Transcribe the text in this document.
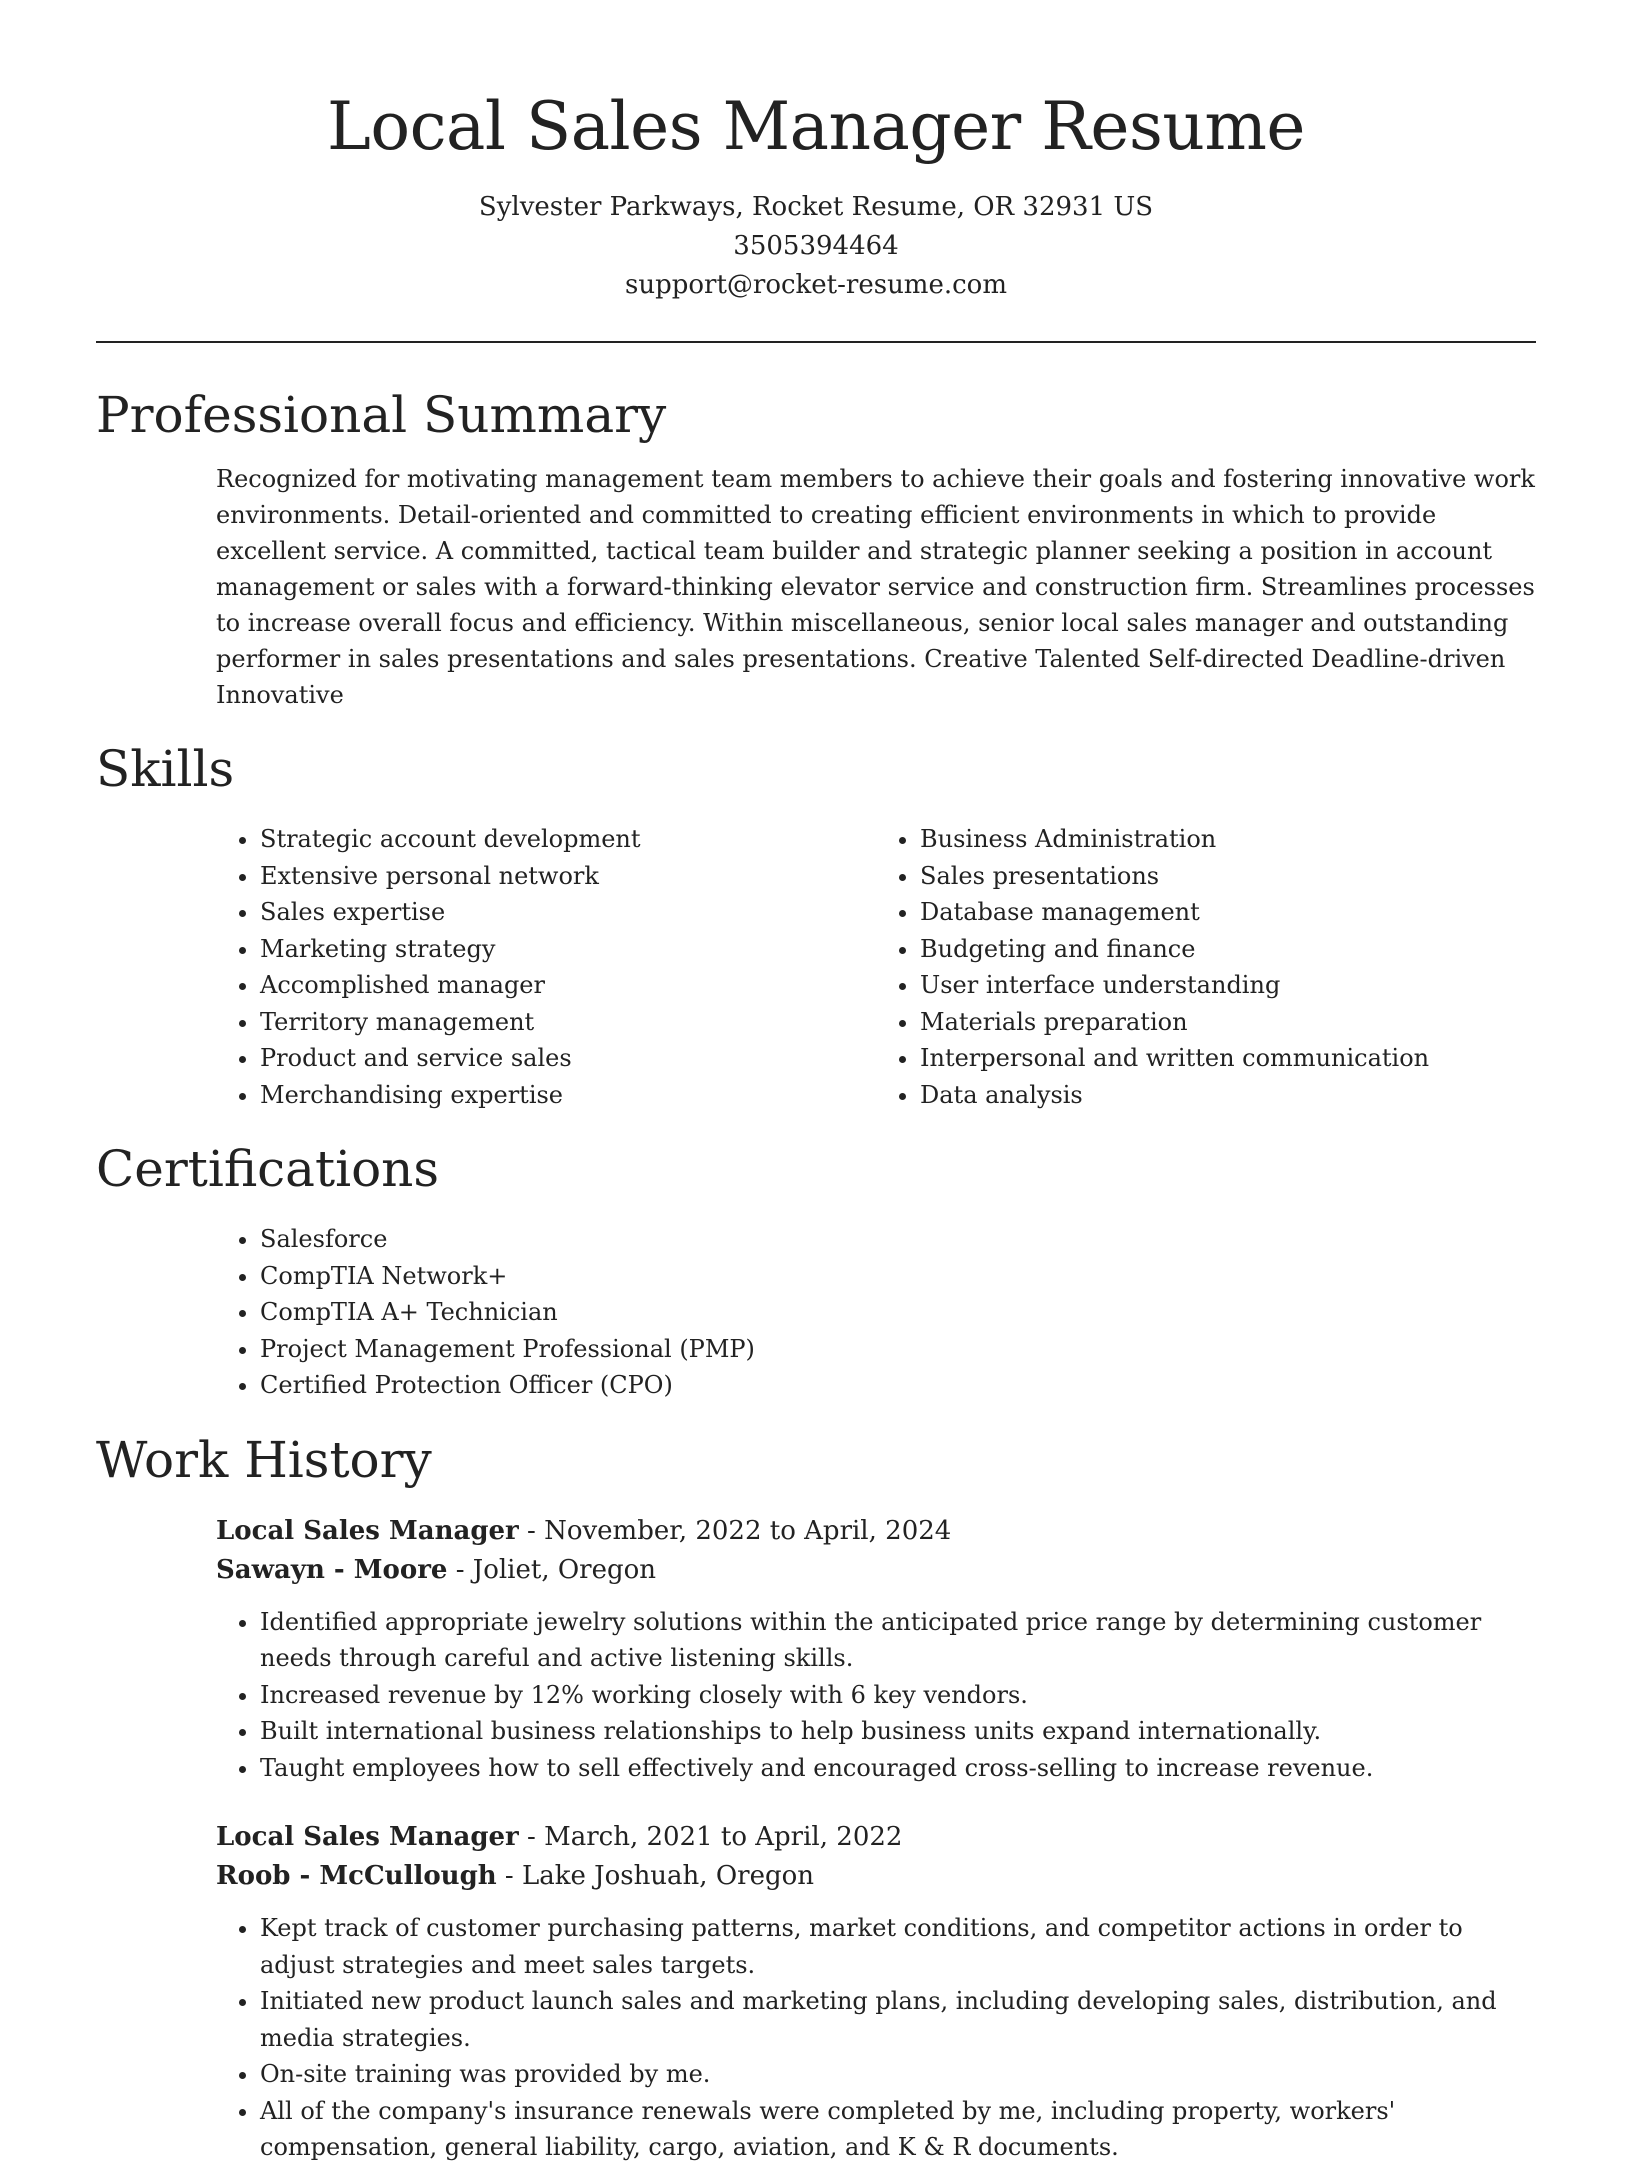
Local Sales Manager Resume

Sylvester Parkways, Rocket Resume, OR 32931 US

3505394464

support@rocket-resume.com

Professional Summary

Recognized for motivating management team members to achieve their goals and fostering innovative work environments. Detail-oriented and committed to creating efficient environments in which to provide excellent service. A committed, tactical team builder and strategic planner seeking a position in account management or sales with a forward-thinking elevator service and construction firm. Streamlines processes to increase overall focus and efficiency. Within miscellaneous, senior local sales manager and outstanding performer in sales presentations and sales presentations. Creative Talented Self-directed Deadline-driven Innovative

Skills
• Strategic account development
• Extensive personal network
• Sales expertise
• Marketing strategy
• Accomplished manager
• Territory management
• Product and service sales
• Merchandising expertise
• Business Administration
• Sales presentations
• Database management
• Budgeting and finance
• User interface understanding
• Materials preparation
• Interpersonal and written communication
• Data analysis
Certifications
• Salesforce
• CompTIA Network+
• CompTIA A+ Technician
• Project Management Professional (PMP)
• Certified Protection Officer (CPO)
Work History

Local Sales Manager - November, 2022 to April, 2024

Sawayn - Moore - Joliet, Oregon

• Identified appropriate jewelry solutions within the anticipated price range by determining customer needs through careful and active listening skills.
• Increased revenue by 12% working closely with 6 key vendors.
• Built international business relationships to help business units expand internationally.
• Taught employees how to sell effectively and encouraged cross-selling to increase revenue.

Local Sales Manager - March, 2021 to April, 2022

Roob - McCullough - Lake Joshuah, Oregon

• Kept track of customer purchasing patterns, market conditions, and competitor actions in order to adjust strategies and meet sales targets.
• Initiated new product launch sales and marketing plans, including developing sales, distribution, and media strategies.
• On-site training was provided by me.
• All of the company's insurance renewals were completed by me, including property, workers' compensation, general liability, cargo, aviation, and K & R documents.
